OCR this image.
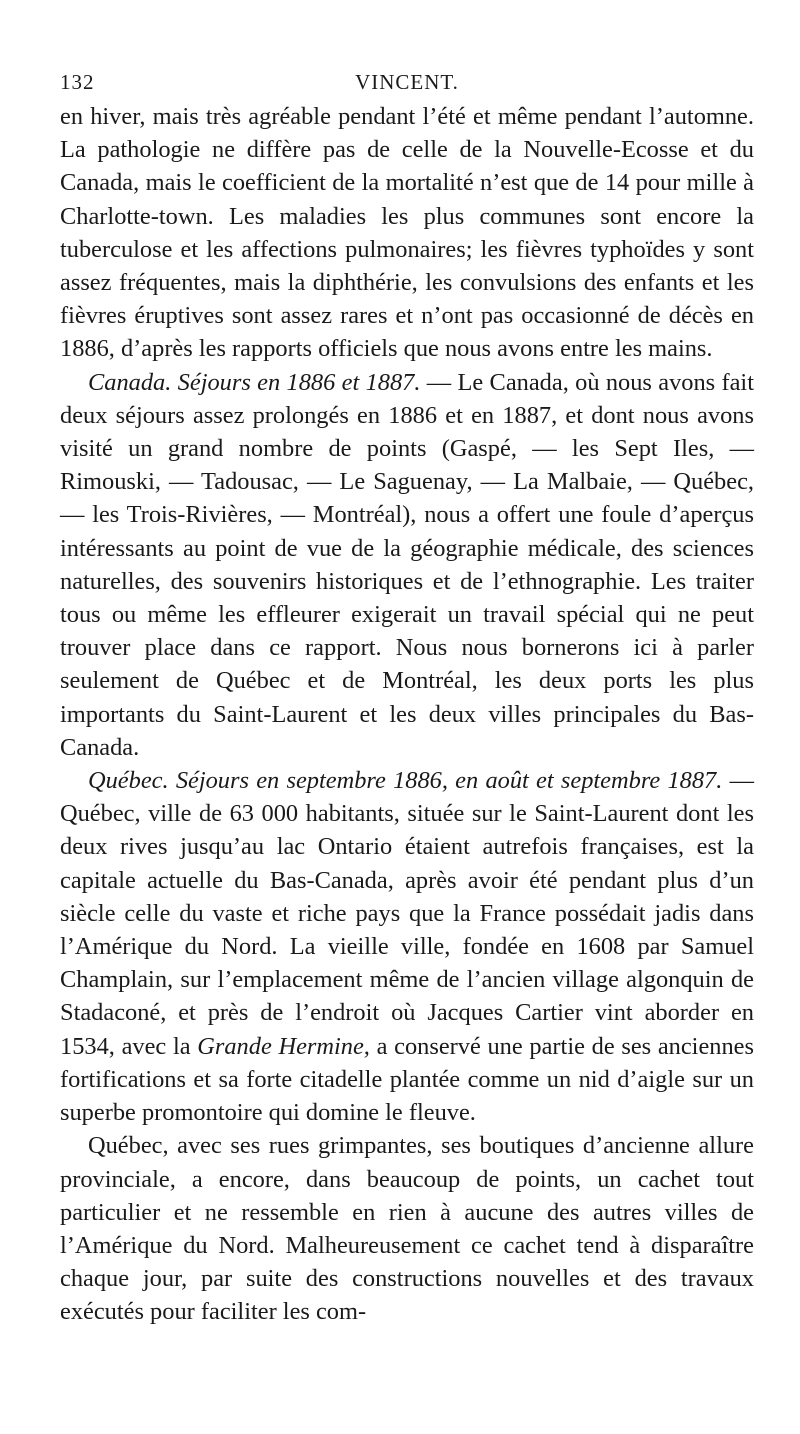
132	VINCENT.

en hiver, mais très agréable pendant l’été et même pendant l’automne. La pathologie ne diffère pas de celle de la Nouvelle-Ecosse et du Canada, mais le coefficient de la mortalité n’est que de 14 pour mille à Charlotte-town. Les maladies les plus communes sont encore la tuberculose et les affections pulmonaires; les fièvres typhoïdes y sont assez fréquentes, mais la diphthérie, les convulsions des enfants et les fièvres éruptives sont assez rares et n’ont pas occasionné de décès en 1886, d’après les rapports officiels que nous avons entre les mains.

Canada. Séjours en 1886 et 1887. — Le Canada, où nous avons fait deux séjours assez prolongés en 1886 et en 1887, et dont nous avons visité un grand nombre de points (Gaspé, — les Sept Iles, — Rimouski, — Tadousac, — Le Saguenay, — La Malbaie, — Québec, — les Trois-Rivières, — Montréal), nous a offert une foule d’aperçus intéressants au point de vue de la géographie médicale, des sciences naturelles, des souvenirs historiques et de l’ethnographie. Les traiter tous ou même les effleurer exigerait un travail spécial qui ne peut trouver place dans ce rapport. Nous nous bornerons ici à parler seulement de Québec et de Montréal, les deux ports les plus importants du Saint-Laurent et les deux villes principales du Bas-Canada.

Québec. Séjours en septembre 1886, en août et septembre 1887. — Québec, ville de 63 000 habitants, située sur le Saint-Laurent dont les deux rives jusqu’au lac Ontario étaient autrefois françaises, est la capitale actuelle du Bas-Canada, après avoir été pendant plus d’un siècle celle du vaste et riche pays que la France possédait jadis dans l’Amérique du Nord. La vieille ville, fondée en 1608 par Samuel Champlain, sur l’emplacement même de l’ancien village algonquin de Stadaconé, et près de l’endroit où Jacques Cartier vint aborder en 1534, avec la Grande Hermine, a conservé une partie de ses anciennes fortifications et sa forte citadelle plantée comme un nid d’aigle sur un superbe promontoire qui domine le fleuve.

Québec, avec ses rues grimpantes, ses boutiques d’ancienne allure provinciale, a encore, dans beaucoup de points, un cachet tout particulier et ne ressemble en rien à aucune des autres villes de l’Amérique du Nord. Malheureusement ce cachet tend à disparaître chaque jour, par suite des constructions nouvelles et des travaux exécutés pour faciliter les com-
